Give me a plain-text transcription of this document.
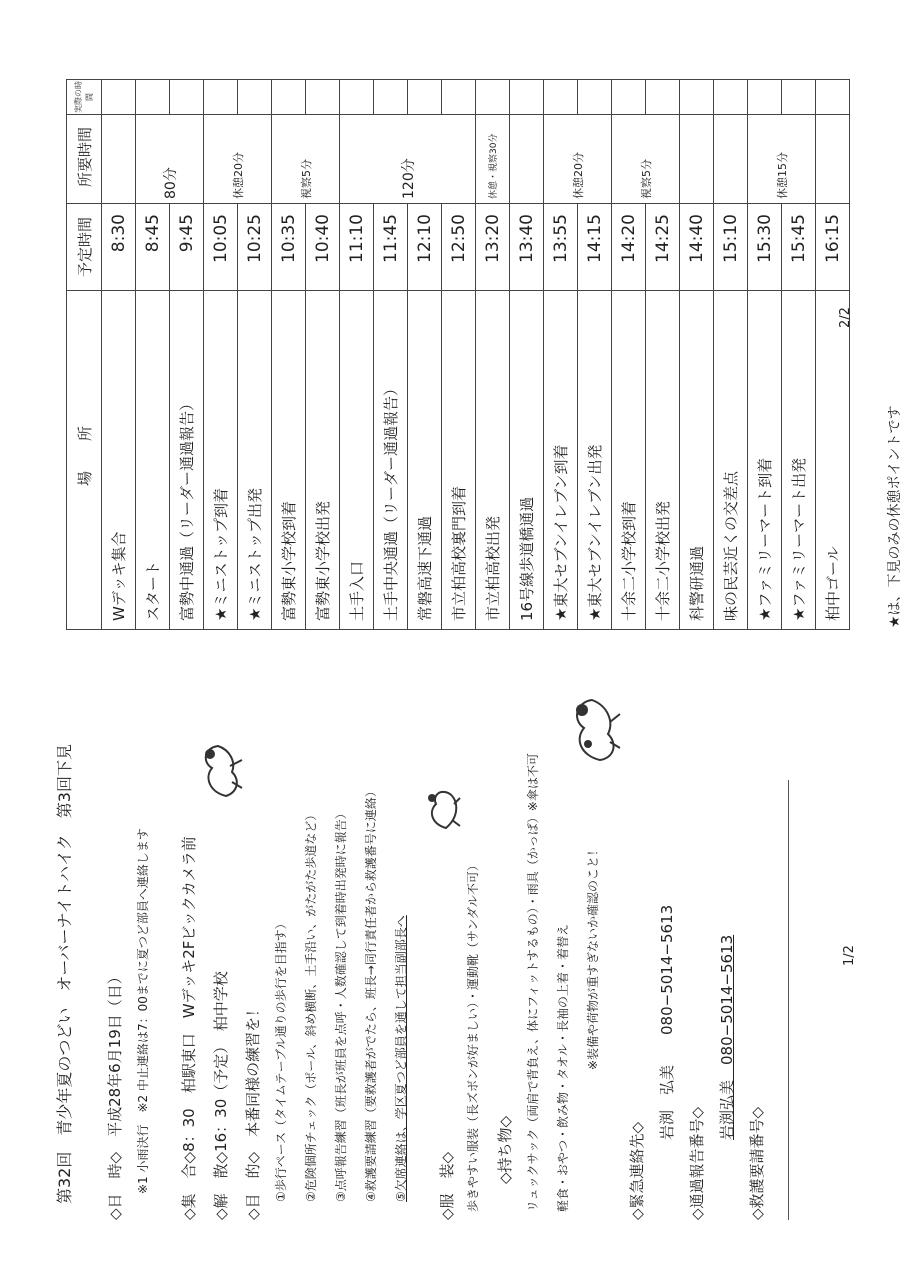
第32回　青少年夏のつどい　オーバーナイトハイク　第3回下見 ◇日　時◇　平成28年6月19日（日） ※1 小雨決行　※2 中止連絡は7：00までに夏つど部員へ連絡します ◇集　合◇8：30　柏駅東口　Wデッキ2Fビックカメラ前 ◇解　散◇16：30（予定）　柏中学校 ◇目　的◇　本番同様の練習を！ ①歩行ペース（タイムテーブル通りの歩行を目指す） ②危険個所チェック（ポール、斜め横断、土手沿い、がたがた歩道など） ③点呼報告練習（班長が班員を点呼・人数確認して到着時出発時に報告） ④救護要請練習（要救護者がでたら、班長→同行責任者から救護番号に連絡） ⑤欠席連絡は、学区夏つど部員を通して担当副部長へ ◇服　装◇ 歩きやすい服装（長ズボンが好ましい）・運動靴（サンダル不可） ◇持ち物◇ リュックサック（両肩で背負え、体にフィットするもの）・雨具（かっぱ）※傘は不可 軽食・おやつ・飲み物・タオル・長袖の上着・着替え ※装備や荷物が重すぎないか確認のこと！
◇緊急連絡先◇
岩渕　弘美　　080−5014−5613
◇通過報告番号◇
岩渕弘美　080−5014−5613
◇救護要請番号◇
1/2
場　　所	予定時間	所要時間	実際の時間
Wデッキ集合	8:30		
スタート	8:45	80分	
富勢中通過（リーダー通過報告）	9:45		
★ミニストップ到着	10:05	休憩20分	
★ミニストップ出発	10:25		
富勢東小学校到着	10:35	視察5分	
富勢東小学校出発	10:40		
土手入口	11:10	120分	
土手中央通過（リーダー通過報告）	11:45		
常磐高速下通過	12:10		
市立柏高校裏門到着	12:50		
市立柏高校出発	13:20	休憩・視察30分	
16号線歩道橋通過	13:40		
★東大セブンイレブン到着	13:55	休憩20分	
★東大セブンイレブン出発	14:15		
十余二小学校到着	14:20	視察5分	
十余二小学校出発	14:25		
科警研通過	14:40		
味の民芸近くの交差点	15:10		
★ファミリーマート到着	15:30	休憩15分	
★ファミリーマート出発	15:45		
柏中ゴール	16:15		
★は、下見のみの休憩ポイントです
2/2
